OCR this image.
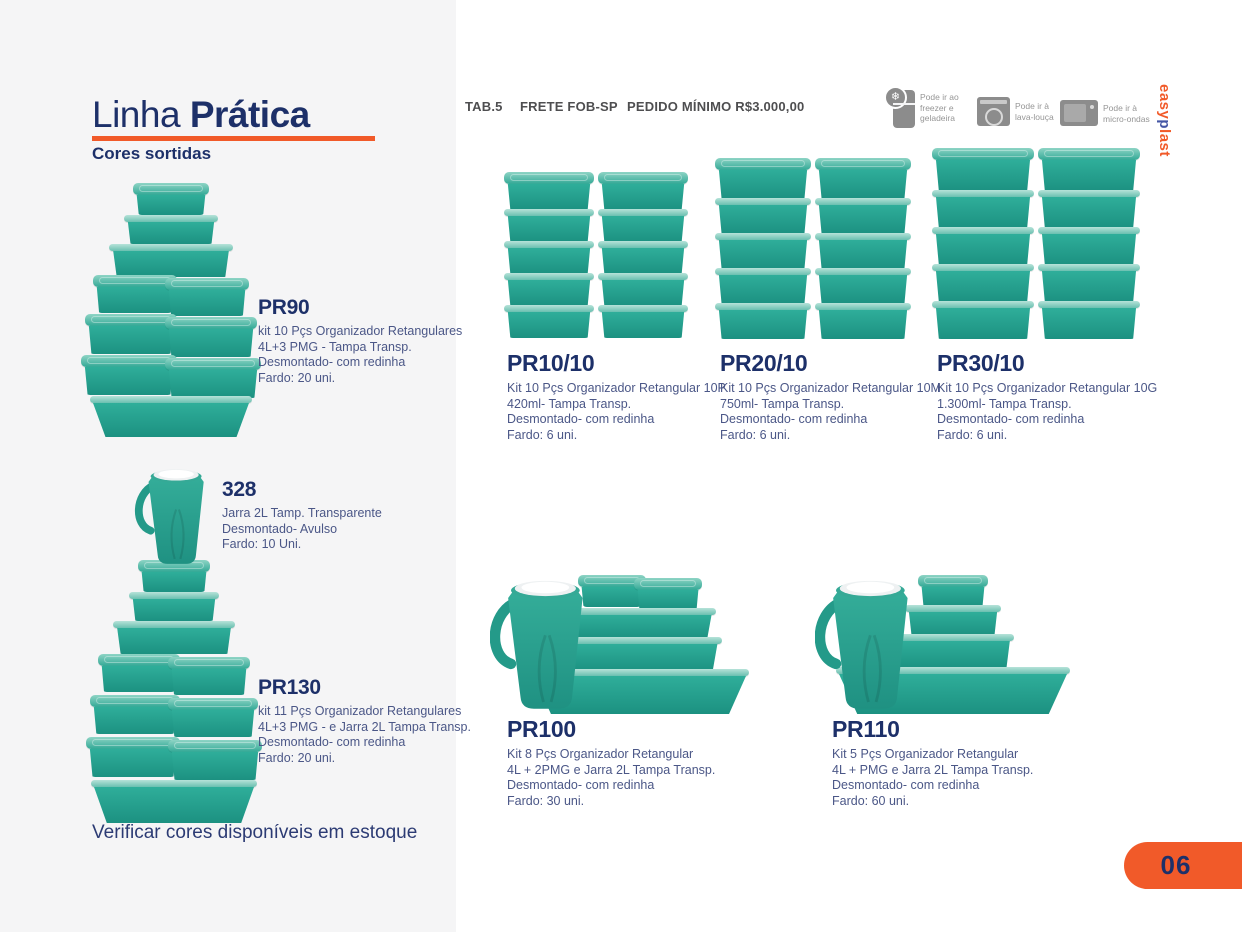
Linha Prática
Cores sortidas
TAB.5 FRETE FOB-SP PEDIDO MÍNIMO R$3.000,00
❄	Pode ir ao
freezer e
geladeira
Pode ir à
lava-louça
Pode ir à
micro-ondas easyplast
PR90
kit 10 Pçs Organizador Retangulares
4L+3 PMG - Tampa Transp.
Desmontado- com redinha
Fardo: 20 uni.
328
Jarra 2L Tamp. Transparente
Desmontado- Avulso
Fardo: 10 Uni.
PR130
kit 11 Pçs Organizador Retangulares
4L+3 PMG - e Jarra 2L Tampa Transp.
Desmontado- com redinha
Fardo: 20 uni.
Verificar cores disponíveis em estoque
PR10/10
Kit 10 Pçs Organizador Retangular 10P
420ml- Tampa Transp.
Desmontado- com redinha
Fardo: 6 uni.
PR20/10
Kit 10 Pçs Organizador Retangular 10M
750ml- Tampa Transp.
Desmontado- com redinha
Fardo: 6 uni.
PR30/10
Kit 10 Pçs Organizador Retangular 10G
1.300ml- Tampa Transp.
Desmontado- com redinha
Fardo: 6 uni.
PR100
Kit 8 Pçs Organizador Retangular
4L + 2PMG e Jarra 2L Tampa Transp.
Desmontado- com redinha
Fardo: 30 uni.
PR110
Kit 5 Pçs Organizador Retangular
4L + PMG e Jarra 2L Tampa Transp.
Desmontado- com redinha
Fardo: 60 uni.
06
